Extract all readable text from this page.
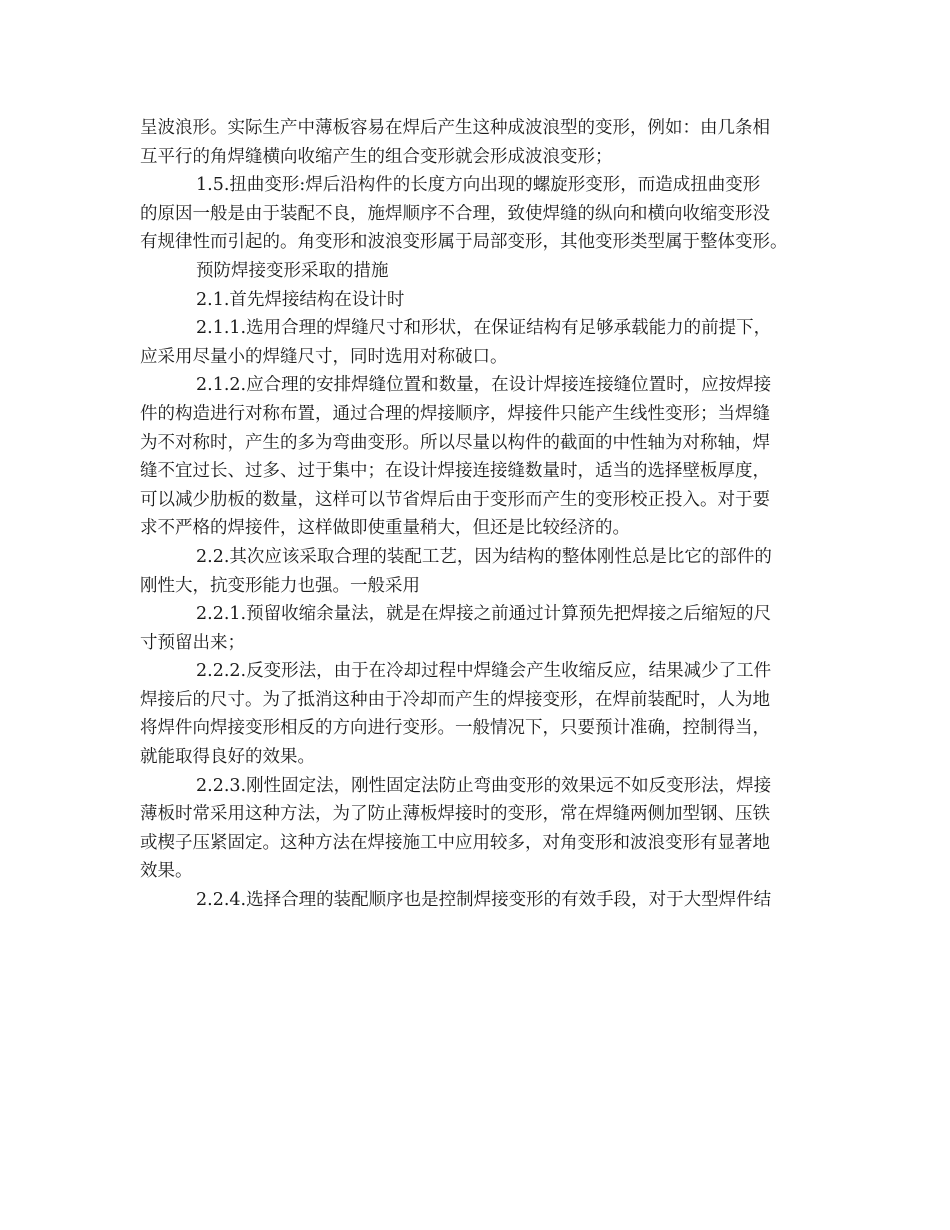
呈波浪形。实际生产中薄板容易在焊后产生这种成波浪型的变形，例如：由几条相
互平行的角焊缝横向收缩产生的组合变形就会形成波浪变形；
1.5.扭曲变形:焊后沿构件的长度方向出现的螺旋形变形，而造成扭曲变形
的原因一般是由于装配不良，施焊顺序不合理，致使焊缝的纵向和横向收缩变形没
有规律性而引起的。角变形和波浪变形属于局部变形，其他变形类型属于整体变形。
预防焊接变形采取的措施
2.1.首先焊接结构在设计时
2.1.1.选用合理的焊缝尺寸和形状，在保证结构有足够承载能力的前提下，
应采用尽量小的焊缝尺寸，同时选用对称破口。
2.1.2.应合理的安排焊缝位置和数量，在设计焊接连接缝位置时，应按焊接
件的构造进行对称布置，通过合理的焊接顺序，焊接件只能产生线性变形；当焊缝
为不对称时，产生的多为弯曲变形。所以尽量以构件的截面的中性轴为对称轴，焊
缝不宜过长、过多、过于集中；在设计焊接连接缝数量时，适当的选择壁板厚度，
可以减少肋板的数量，这样可以节省焊后由于变形而产生的变形校正投入。对于要
求不严格的焊接件，这样做即使重量稍大，但还是比较经济的。
2.2.其次应该采取合理的装配工艺，因为结构的整体刚性总是比它的部件的
刚性大，抗变形能力也强。一般采用
2.2.1.预留收缩余量法，就是在焊接之前通过计算预先把焊接之后缩短的尺
寸预留出来；
2.2.2.反变形法，由于在冷却过程中焊缝会产生收缩反应，结果减少了工件
焊接后的尺寸。为了抵消这种由于冷却而产生的焊接变形，在焊前装配时，人为地
将焊件向焊接变形相反的方向进行变形。一般情况下，只要预计准确，控制得当，
就能取得良好的效果。
2.2.3.刚性固定法，刚性固定法防止弯曲变形的效果远不如反变形法，焊接
薄板时常采用这种方法，为了防止薄板焊接时的变形，常在焊缝两侧加型钢、压铁
或楔子压紧固定。这种方法在焊接施工中应用较多，对角变形和波浪变形有显著地
效果。
2.2.4.选择合理的装配顺序也是控制焊接变形的有效手段，对于大型焊件结
